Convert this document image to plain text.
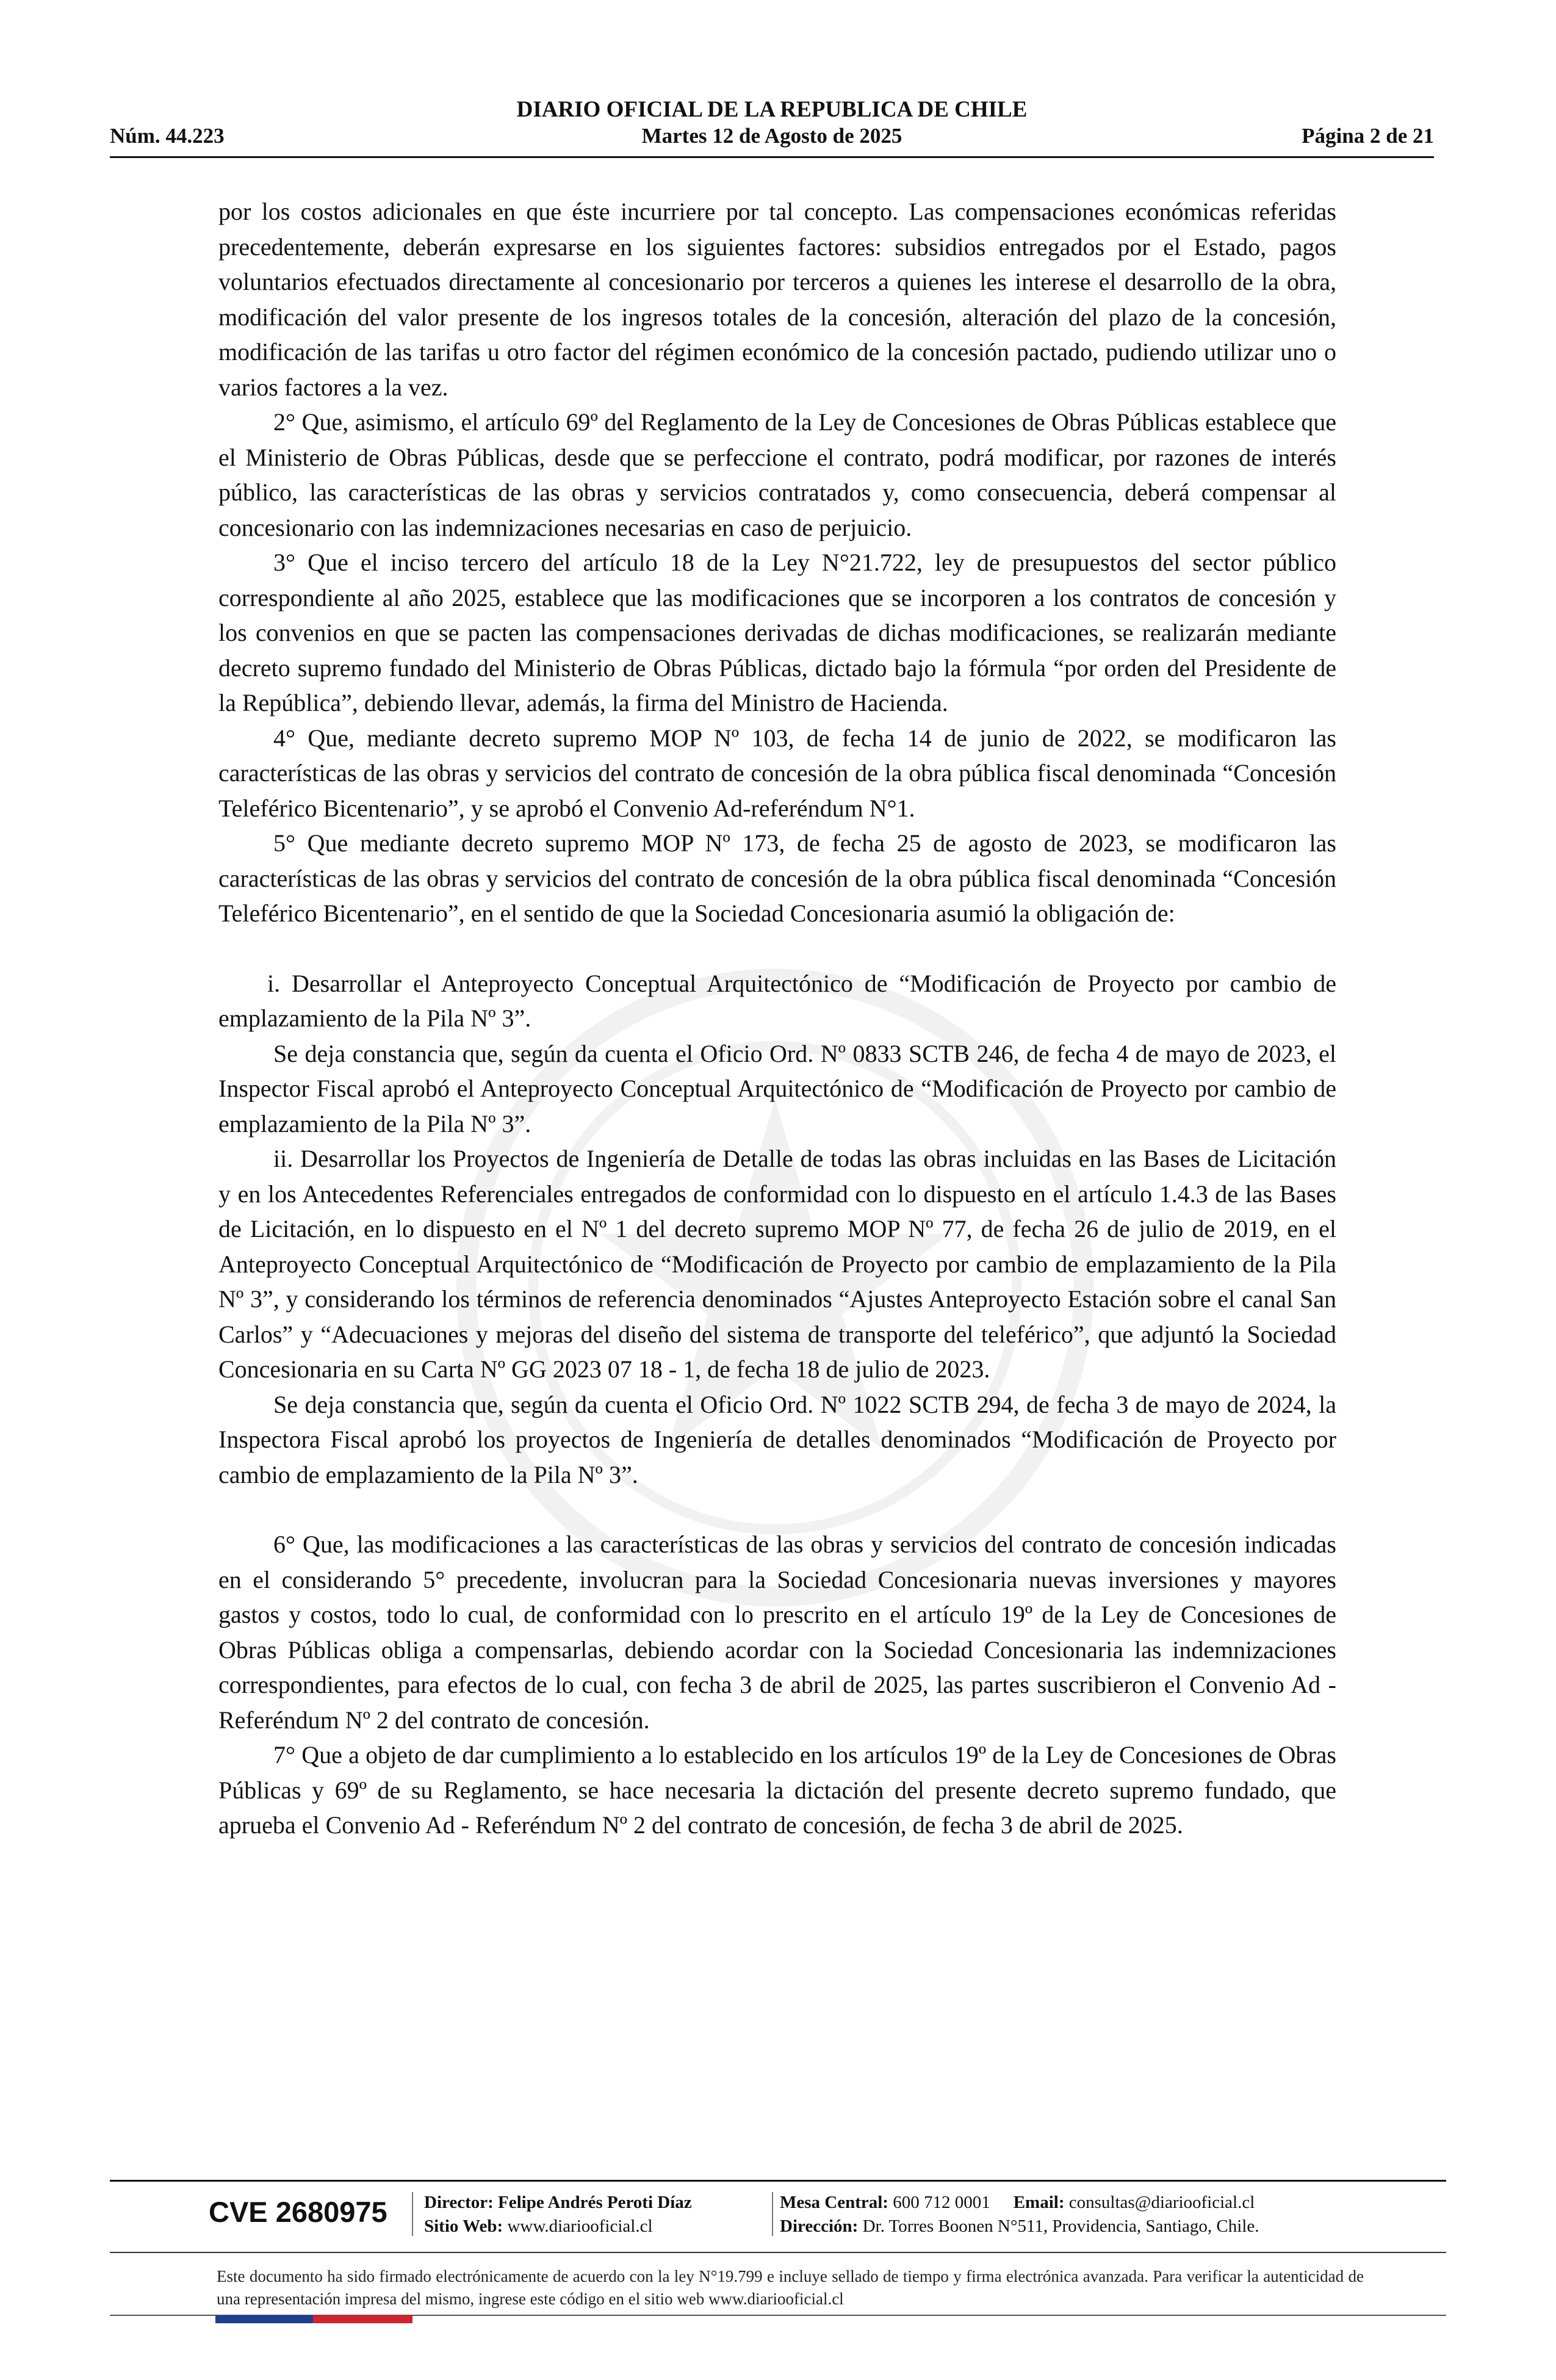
DIARIO OFICIAL DE LA REPUBLICA DE CHILE
Núm. 44.223	Martes 12 de Agosto de 2025	Página 2 de 21

por los costos adicionales en que éste incurriere por tal concepto. Las compensaciones económicas referidas precedentemente, deberán expresarse en los siguientes factores: subsidios entregados por el Estado, pagos voluntarios efectuados directamente al concesionario por terceros a quienes les interese el desarrollo de la obra, modificación del valor presente de los ingresos totales de la concesión, alteración del plazo de la concesión, modificación de las tarifas u otro factor del régimen económico de la concesión pactado, pudiendo utilizar uno o varios factores a la vez.

2° Que, asimismo, el artículo 69º del Reglamento de la Ley de Concesiones de Obras Públicas establece que el Ministerio de Obras Públicas, desde que se perfeccione el contrato, podrá modificar, por razones de interés público, las características de las obras y servicios contratados y, como consecuencia, deberá compensar al concesionario con las indemnizaciones necesarias en caso de perjuicio.

3° Que el inciso tercero del artículo 18 de la Ley N°21.722, ley de presupuestos del sector público correspondiente al año 2025, establece que las modificaciones que se incorporen a los contratos de concesión y los convenios en que se pacten las compensaciones derivadas de dichas modificaciones, se realizarán mediante decreto supremo fundado del Ministerio de Obras Públicas, dictado bajo la fórmula “por orden del Presidente de la República”, debiendo llevar, además, la firma del Ministro de Hacienda.

4° Que, mediante decreto supremo MOP Nº 103, de fecha 14 de junio de 2022, se modificaron las características de las obras y servicios del contrato de concesión de la obra pública fiscal denominada “Concesión Teleférico Bicentenario”, y se aprobó el Convenio Ad-referéndum N°1.

5° Que mediante decreto supremo MOP Nº 173, de fecha 25 de agosto de 2023, se modificaron las características de las obras y servicios del contrato de concesión de la obra pública fiscal denominada “Concesión Teleférico Bicentenario”, en el sentido de que la Sociedad Concesionaria asumió la obligación de:

i. Desarrollar el Anteproyecto Conceptual Arquitectónico de “Modificación de Proyecto por cambio de emplazamiento de la Pila Nº 3”.

Se deja constancia que, según da cuenta el Oficio Ord. Nº 0833 SCTB 246, de fecha 4 de mayo de 2023, el Inspector Fiscal aprobó el Anteproyecto Conceptual Arquitectónico de “Modificación de Proyecto por cambio de emplazamiento de la Pila Nº 3”.

ii. Desarrollar los Proyectos de Ingeniería de Detalle de todas las obras incluidas en las Bases de Licitación y en los Antecedentes Referenciales entregados de conformidad con lo dispuesto en el artículo 1.4.3 de las Bases de Licitación, en lo dispuesto en el Nº 1 del decreto supremo MOP Nº 77, de fecha 26 de julio de 2019, en el Anteproyecto Conceptual Arquitectónico de “Modificación de Proyecto por cambio de emplazamiento de la Pila Nº 3”, y considerando los términos de referencia denominados “Ajustes Anteproyecto Estación sobre el canal San Carlos” y “Adecuaciones y mejoras del diseño del sistema de transporte del teleférico”, que adjuntó la Sociedad Concesionaria en su Carta Nº GG 2023 07 18 - 1, de fecha 18 de julio de 2023.

Se deja constancia que, según da cuenta el Oficio Ord. Nº 1022 SCTB 294, de fecha 3 de mayo de 2024, la Inspectora Fiscal aprobó los proyectos de Ingeniería de detalles denominados “Modificación de Proyecto por cambio de emplazamiento de la Pila Nº 3”.

6° Que, las modificaciones a las características de las obras y servicios del contrato de concesión indicadas en el considerando 5° precedente, involucran para la Sociedad Concesionaria nuevas inversiones y mayores gastos y costos, todo lo cual, de conformidad con lo prescrito en el artículo 19º de la Ley de Concesiones de Obras Públicas obliga a compensarlas, debiendo acordar con la Sociedad Concesionaria las indemnizaciones correspondientes, para efectos de lo cual, con fecha 3 de abril de 2025, las partes suscribieron el Convenio Ad - Referéndum Nº 2 del contrato de concesión.

7° Que a objeto de dar cumplimiento a lo establecido en los artículos 19º de la Ley de Concesiones de Obras Públicas y 69º de su Reglamento, se hace necesaria la dictación del presente decreto supremo fundado, que aprueba el Convenio Ad - Referéndum Nº 2 del contrato de concesión, de fecha 3 de abril de 2025.

CVE 2680975 Director: Felipe Andrés Peroti Díaz
Sitio Web: www.diariooficial.cl
Mesa Central: 600 712 0001 Email: consultas@diariooficial.cl
Dirección: Dr. Torres Boonen N°511, Providencia, Santiago, Chile.
Este documento ha sido firmado electrónicamente de acuerdo con la ley N°19.799 e incluye sellado de tiempo y firma electrónica avanzada. Para verificar la autenticidad de una representación impresa del mismo, ingrese este código en el sitio web www.diariooficial.cl
